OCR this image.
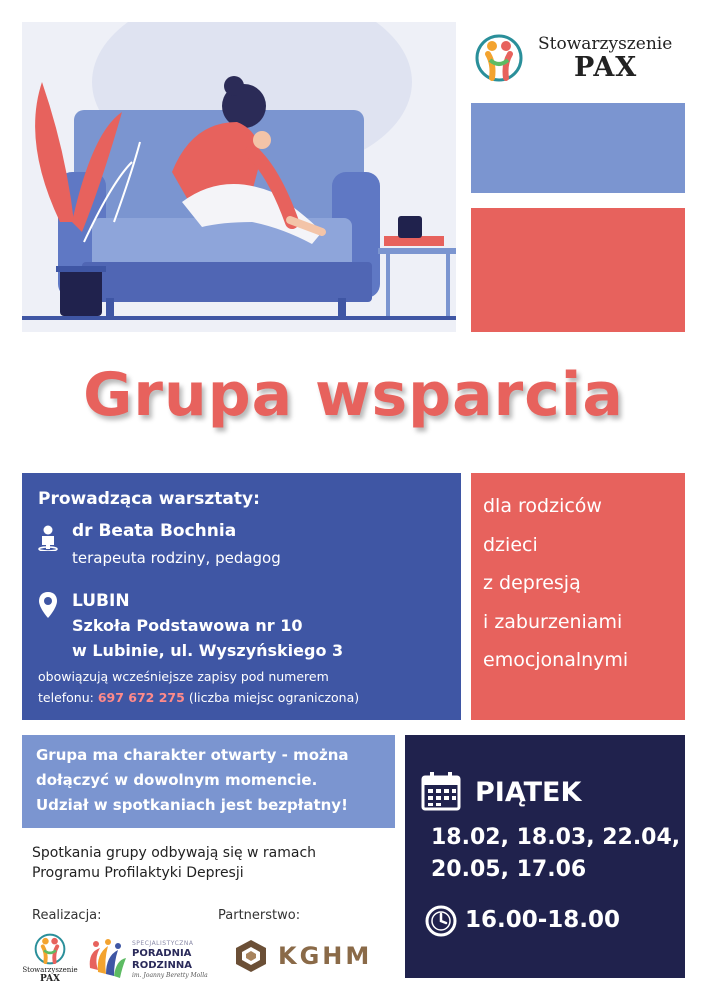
Stowarzyszenie
PAX
Grupa wsparcia
Prowadząca warsztaty:
dr Beata Bochnia
terapeuta rodziny, pedagog
LUBIN
Szkoła Podstawowa nr 10
w Lubinie, ul. Wyszyńskiego 3
obowiązują wcześniejsze zapisy pod numerem
telefonu: 697 672 275 (liczba miejsc ograniczona)
dla rodziców
dzieci
z depresją
i zaburzeniami
emocjonalnymi
Grupa ma charakter otwarty - można
dołączyć w dowolnym momencie.
Udział w spotkaniach jest bezpłatny!	PIĄTEK
18.02, 18.03, 22.04,
20.05, 17.06
16.00-18.00
Spotkania grupy odbywają się w ramach
Programu Profilaktyki Depresji
Realizacja:	Partnerstwo:
Stowarzyszenie
PAX
SPECJALISTYCZNA
PORADNIA
RODZINNA
im. Joanny Beretty Molla
KGHM
